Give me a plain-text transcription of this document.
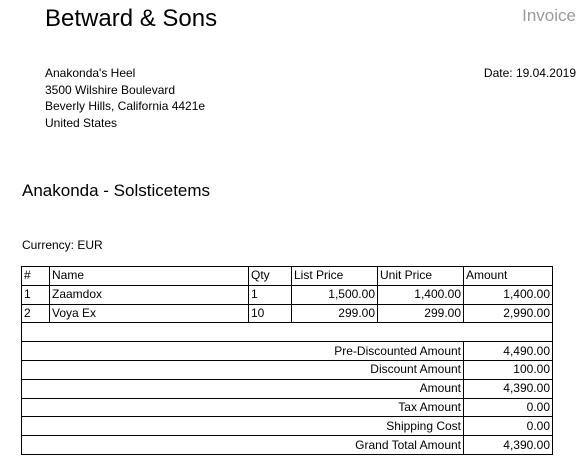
Betward & Sons	Invoice
Anakonda's Heel
3500 Wilshire Boulevard
Beverly Hills, California 4421e
United States
Date: 19.04.2019
Anakonda - Solsticetems
Currency: EUR
#	Name	Qty	List Price	Unit Price	Amount
1	Zaamdox	1	1,500.00	1,400.00	1,400.00
2	Voya Ex	10	299.00	299.00	2,990.00

Pre-Discounted Amount					4,490.00
Discount Amount					100.00
Amount					4,390.00
Tax Amount					0.00
Shipping Cost					0.00
Grand Total Amount					4,390.00
